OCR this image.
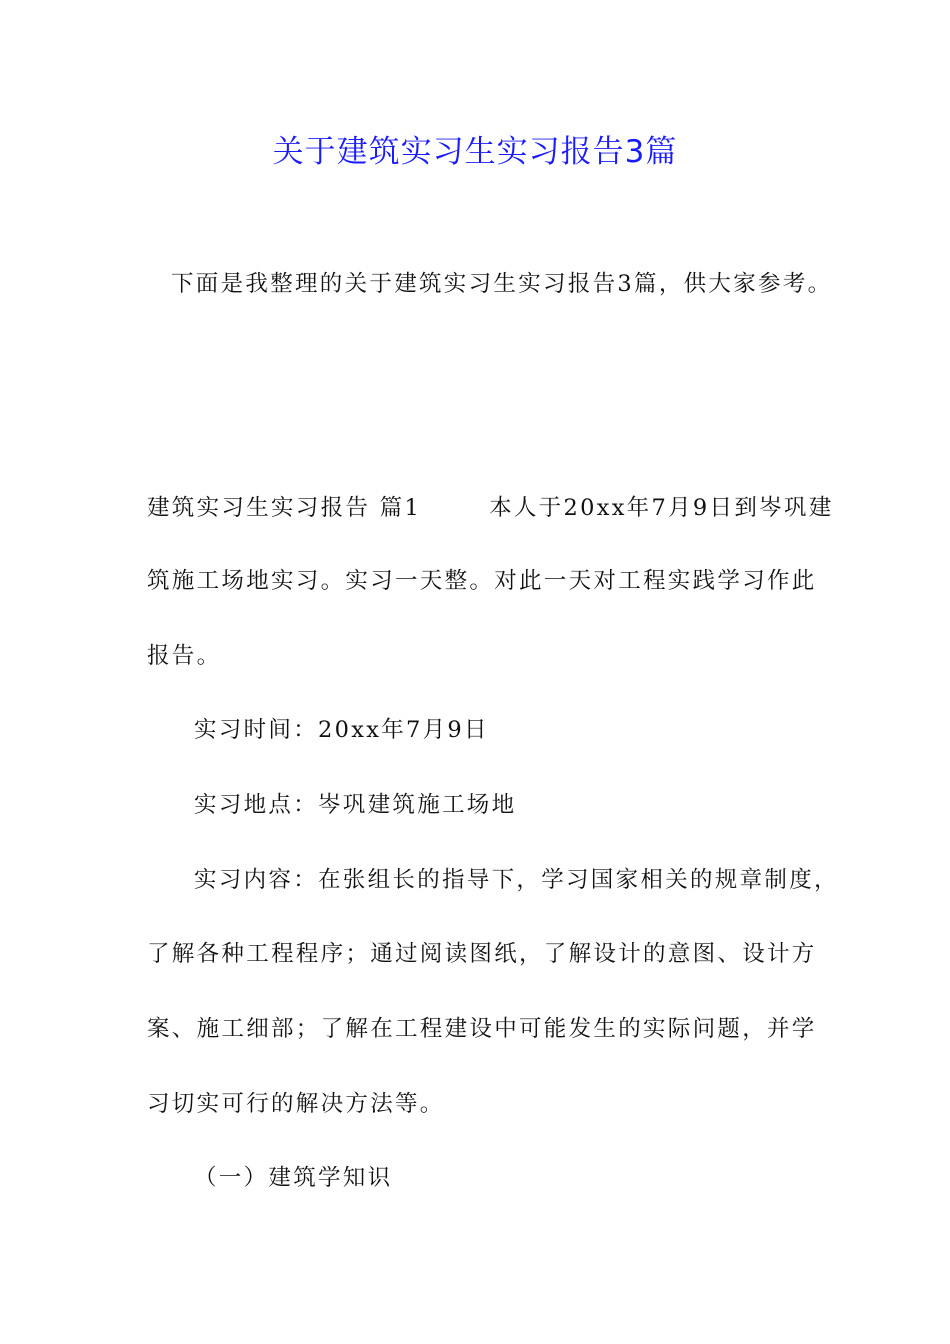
关于建筑实习生实习报告3篇
下面是我整理的关于建筑实习生实习报告3篇，供大家参考。
建筑实习生实习报告 篇1	本人于20xx年7月9日到岑巩建
筑施工场地实习。实习一天整。对此一天对工程实践学习作此
报告。
实习时间：20xx年7月9日
实习地点：岑巩建筑施工场地
实习内容：在张组长的指导下，学习国家相关的规章制度，
了解各种工程程序；通过阅读图纸，了解设计的意图、设计方
案、施工细部；了解在工程建设中可能发生的实际问题，并学
习切实可行的解决方法等。
（一）建筑学知识
